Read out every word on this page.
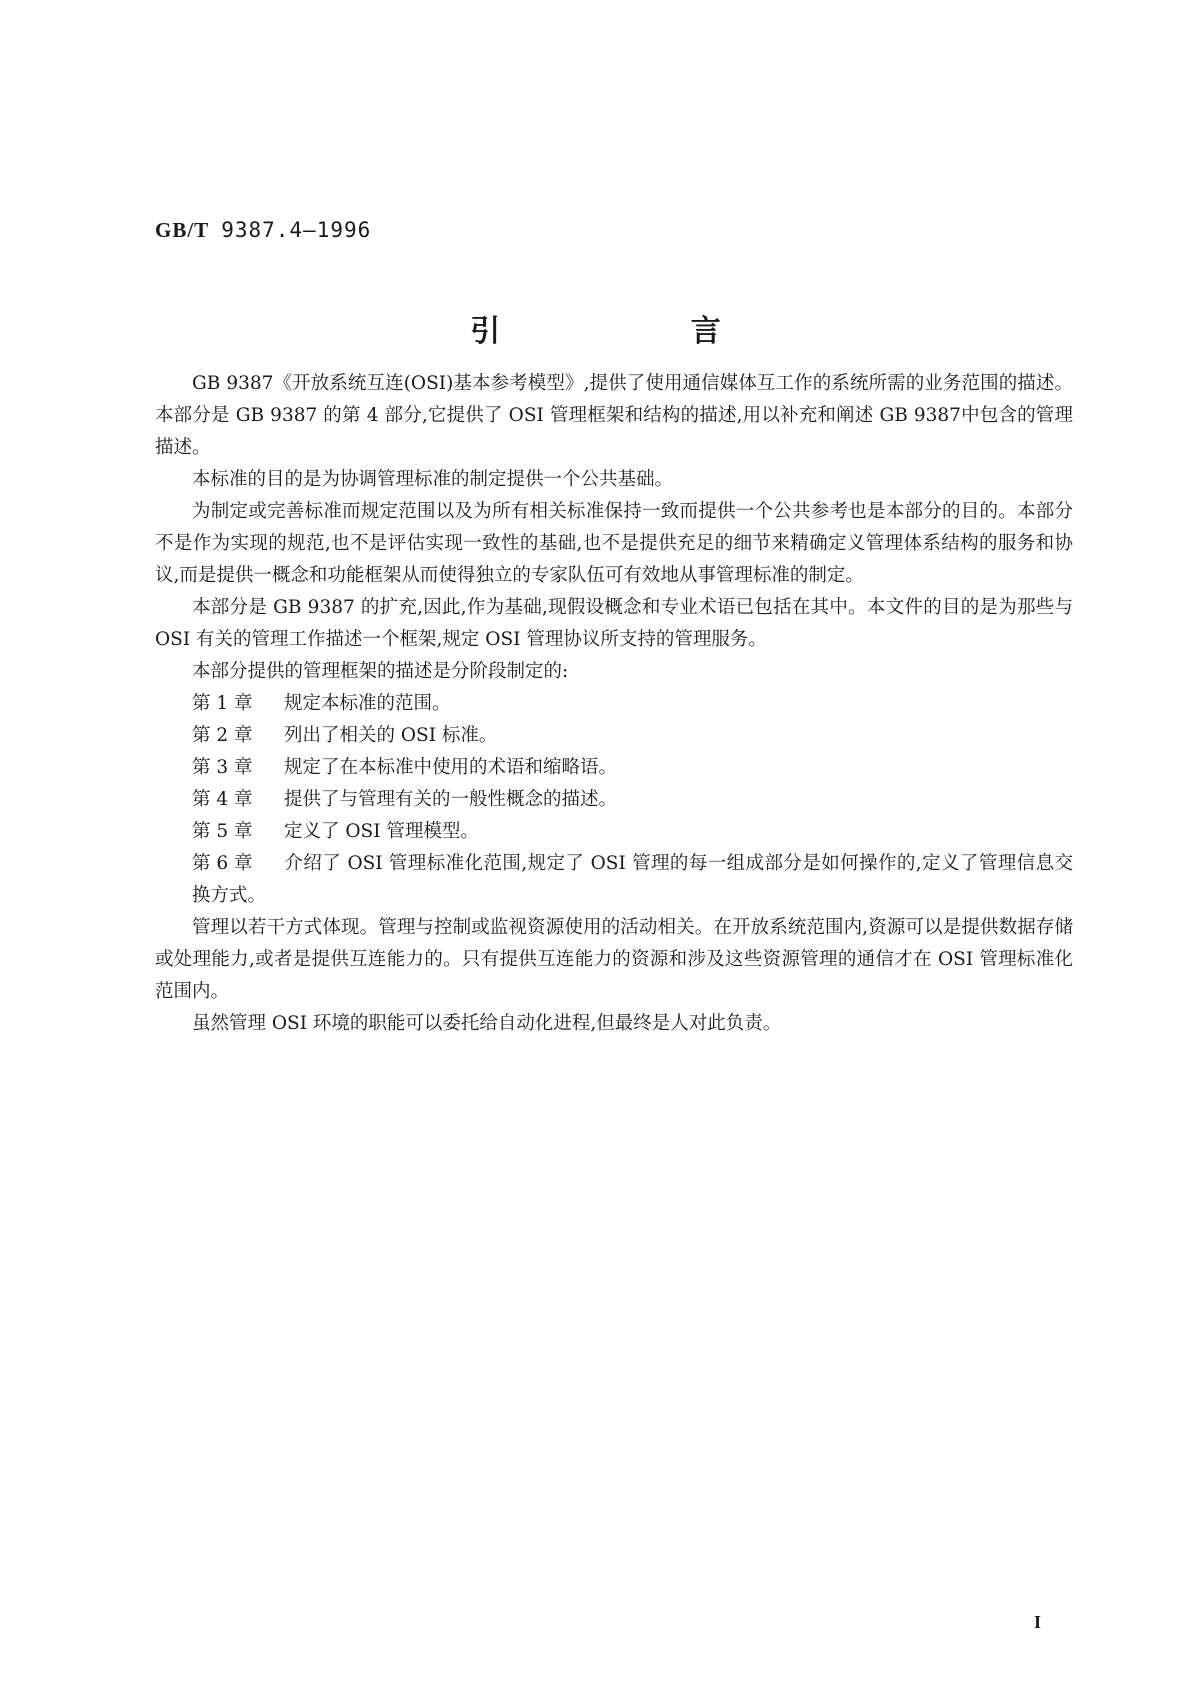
GB/T 9387.4—1996
引 言

GB 9387《开放系统互连(OSI)基本参考模型》,提供了使用通信媒体互工作的系统所需的业务范围的描述。本部分是 GB 9387 的第 4 部分,它提供了 OSI 管理框架和结构的描述,用以补充和阐述 GB 9387中包含的管理描述。

本标准的目的是为协调管理标准的制定提供一个公共基础。

为制定或完善标准而规定范围以及为所有相关标准保持一致而提供一个公共参考也是本部分的目的。本部分不是作为实现的规范,也不是评估实现一致性的基础,也不是提供充足的细节来精确定义管理体系结构的服务和协议,而是提供一概念和功能框架从而使得独立的专家队伍可有效地从事管理标准的制定。

本部分是 GB 9387 的扩充,因此,作为基础,现假设概念和专业术语已包括在其中。本文件的目的是为那些与 OSI 有关的管理工作描述一个框架,规定 OSI 管理协议所支持的管理服务。

本部分提供的管理框架的描述是分阶段制定的:

第 1 章 规定本标准的范围。

第 2 章 列出了相关的 OSI 标准。

第 3 章 规定了在本标准中使用的术语和缩略语。

第 4 章 提供了与管理有关的一般性概念的描述。

第 5 章 定义了 OSI 管理模型。

第 6 章 介绍了 OSI 管理标准化范围,规定了 OSI 管理的每一组成部分是如何操作的,定义了管理信息交换方式。

管理以若干方式体现。管理与控制或监视资源使用的活动相关。在开放系统范围内,资源可以是提供数据存储或处理能力,或者是提供互连能力的。只有提供互连能力的资源和涉及这些资源管理的通信才在 OSI 管理标准化范围内。

虽然管理 OSI 环境的职能可以委托给自动化进程,但最终是人对此负责。

I
